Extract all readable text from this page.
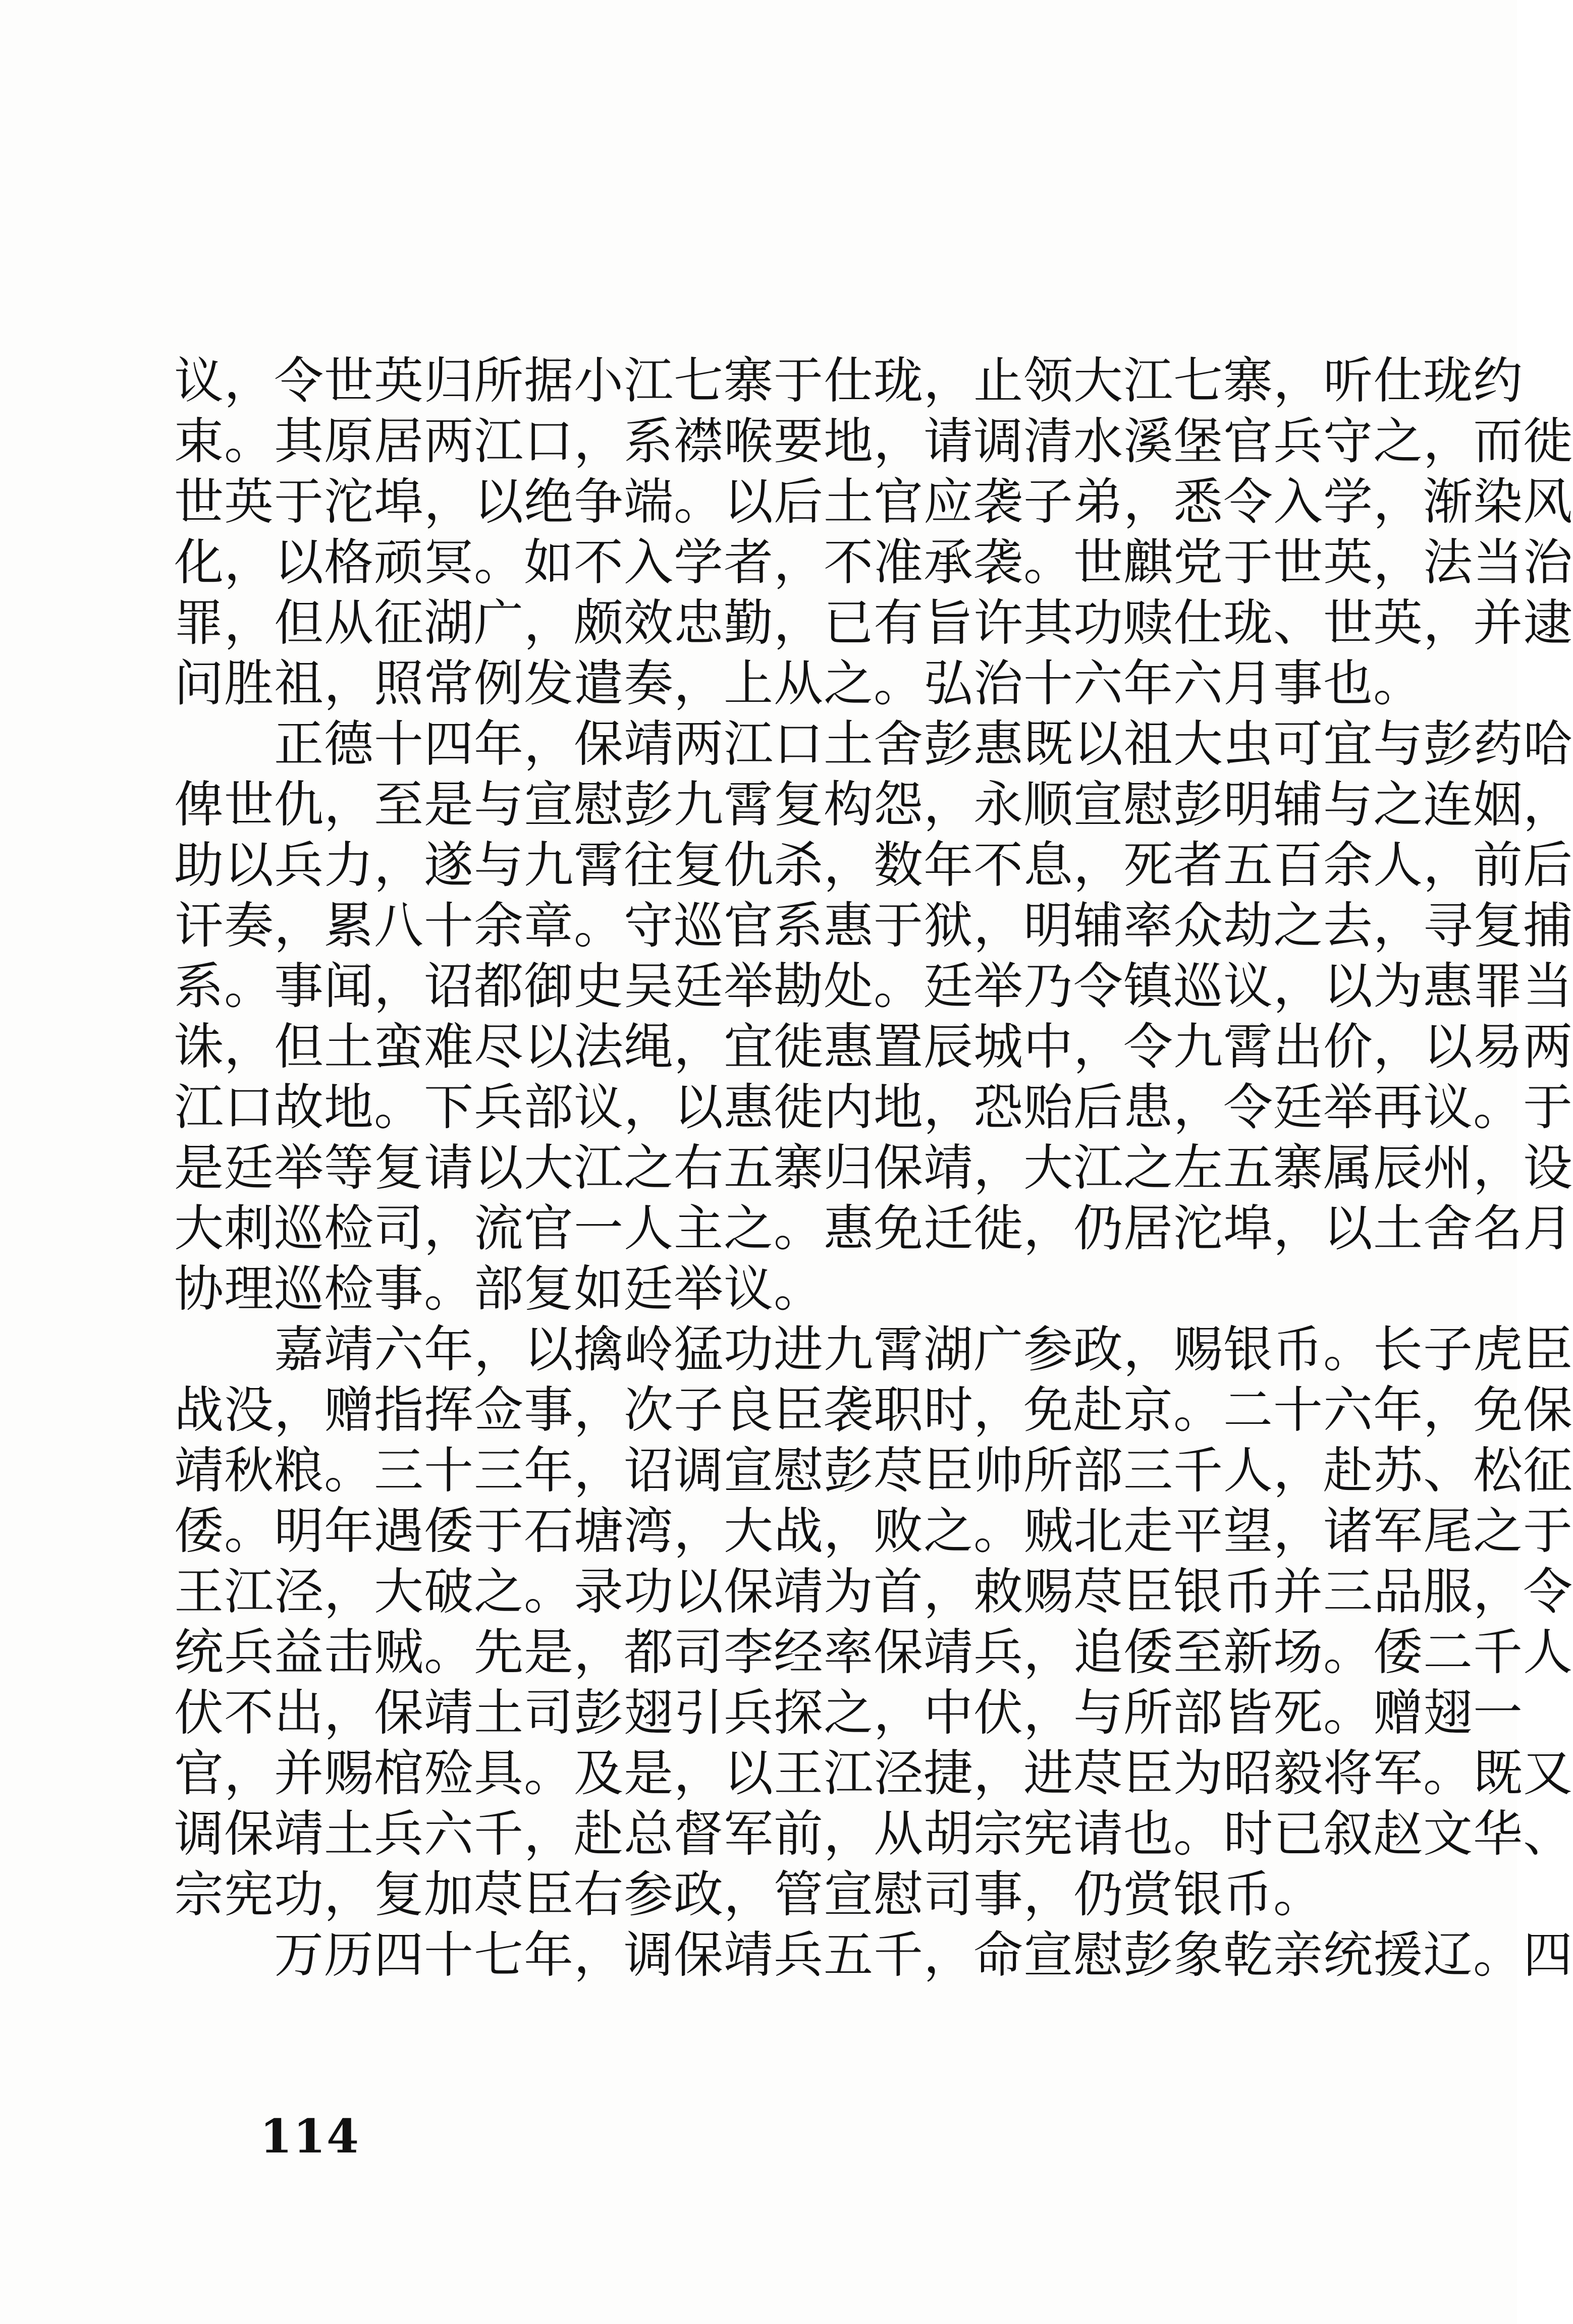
议，令世英归所据小江七寨于仕珑，止领大江七寨，听仕珑约
束。其原居两江口，系襟喉要地，请调清水溪堡官兵守之，而徙
世英于沱埠，以绝争端。以后土官应袭子弟，悉令入学，渐染风
化，以格顽冥。如不入学者，不准承袭。世麒党于世英，法当治
罪，但从征湖广，颇效忠勤，已有旨许其功赎仕珑、世英，并逮
问胜祖，照常例发遣奏，上从之。弘治十六年六月事也。
　　正德十四年，保靖两江口土舍彭惠既以祖大虫可宜与彭药哈
俾世仇，至是与宣慰彭九霄复构怨，永顺宣慰彭明辅与之连姻，
助以兵力，遂与九霄往复仇杀，数年不息，死者五百余人，前后
讦奏，累八十余章。守巡官系惠于狱，明辅率众劫之去，寻复捕
系。事闻，诏都御史吴廷举勘处。廷举乃令镇巡议，以为惠罪当
诛，但土蛮难尽以法绳，宜徙惠置辰城中，令九霄出价，以易两
江口故地。下兵部议，以惠徙内地，恐贻后患，令廷举再议。于
是廷举等复请以大江之右五寨归保靖，大江之左五寨属辰州，设
大刺巡检司，流官一人主之。惠免迁徙，仍居沱埠，以土舍名月
协理巡检事。部复如廷举议。
　　嘉靖六年，以擒岭猛功进九霄湖广参政，赐银币。长子虎臣
战没，赠指挥佥事，次子良臣袭职时，免赴京。二十六年，免保
靖秋粮。三十三年，诏调宣慰彭荩臣帅所部三千人，赴苏、松征
倭。明年遇倭于石塘湾，大战，败之。贼北走平望，诸军尾之于
王江泾，大破之。录功以保靖为首，敕赐荩臣银币并三品服，令
统兵益击贼。先是，都司李经率保靖兵，追倭至新场。倭二千人
伏不出，保靖土司彭翅引兵探之，中伏，与所部皆死。赠翅一
官，并赐棺殓具。及是，以王江泾捷，进荩臣为昭毅将军。既又
调保靖土兵六千，赴总督军前，从胡宗宪请也。时已叙赵文华、
宗宪功，复加荩臣右参政，管宣慰司事，仍赏银币。
　　万历四十七年，调保靖兵五千，命宣慰彭象乾亲统援辽。四
114
